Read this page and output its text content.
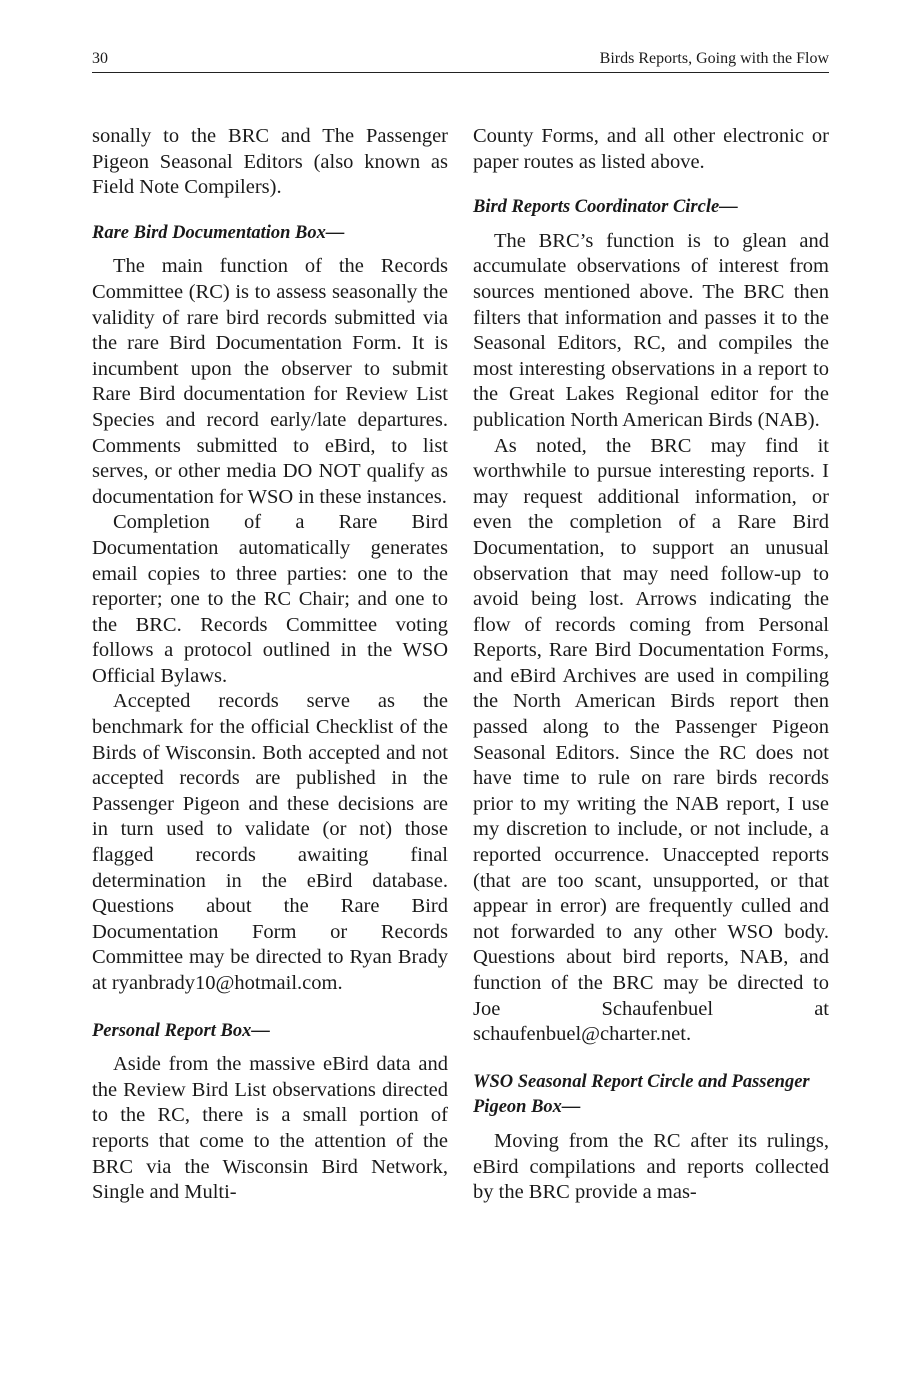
30	Birds Reports, Going with the Flow

sonally to the BRC and The Passenger Pigeon Seasonal Editors (also known as Field Note Compilers).

Rare Bird Documentation Box—

The main function of the Records Committee (RC) is to assess seasonally the validity of rare bird records submitted via the rare Bird Documentation Form. It is incumbent upon the observer to submit Rare Bird documentation for Review List Species and record early/late departures. Comments submitted to eBird, to list serves, or other media DO NOT qualify as documentation for WSO in these instances.

Completion of a Rare Bird Documentation automatically generates email copies to three parties: one to the reporter; one to the RC Chair; and one to the BRC. Records Committee voting follows a protocol outlined in the WSO Official Bylaws.

Accepted records serve as the benchmark for the official Checklist of the Birds of Wisconsin. Both accepted and not accepted records are published in the Passenger Pigeon and these decisions are in turn used to validate (or not) those flagged records awaiting final determination in the eBird database. Questions about the Rare Bird Documentation Form or Records Committee may be directed to Ryan Brady at ryanbrady10@hotmail.com.

Personal Report Box—

Aside from the massive eBird data and the Review Bird List observations directed to the RC, there is a small portion of reports that come to the attention of the BRC via the Wisconsin Bird Network, Single and Multi-

County Forms, and all other electronic or paper routes as listed above.

Bird Reports Coordinator Circle—

The BRC’s function is to glean and accumulate observations of interest from sources mentioned above. The BRC then filters that information and passes it to the Seasonal Editors, RC, and compiles the most interesting observations in a report to the Great Lakes Regional editor for the publication North American Birds (NAB).

As noted, the BRC may find it worthwhile to pursue interesting reports. I may request additional information, or even the completion of a Rare Bird Documentation, to support an unusual observation that may need follow-up to avoid being lost. Arrows indicating the flow of records coming from Personal Reports, Rare Bird Documentation Forms, and eBird Archives are used in compiling the North American Birds report then passed along to the Passenger Pigeon Seasonal Editors. Since the RC does not have time to rule on rare birds records prior to my writing the NAB report, I use my discretion to include, or not include, a reported occurrence. Unaccepted reports (that are too scant, unsupported, or that appear in error) are frequently culled and not forwarded to any other WSO body. Questions about bird reports, NAB, and function of the BRC may be directed to Joe Schaufenbuel at schaufenbuel@charter.net.

WSO Seasonal Report Circle and Passenger Pigeon Box—

Moving from the RC after its rulings, eBird compilations and reports collected by the BRC provide a mas-
